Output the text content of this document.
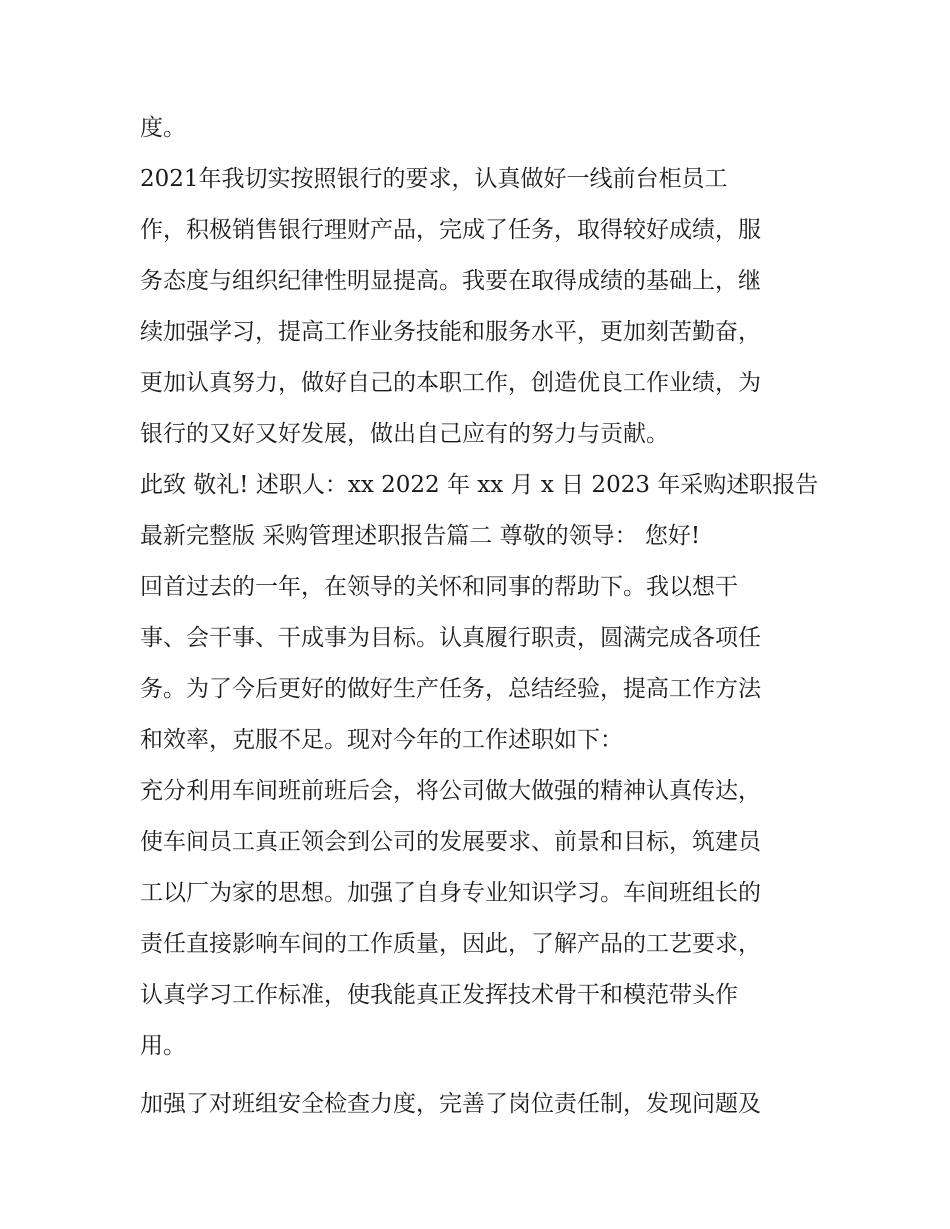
度。
2021年我切实按照银行的要求，认真做好一线前台柜员工
作，积极销售银行理财产品，完成了任务，取得较好成绩，服
务态度与组织纪律性明显提高。我要在取得成绩的基础上，继
续加强学习，提高工作业务技能和服务水平，更加刻苦勤奋，
更加认真努力，做好自己的本职工作，创造优良工作业绩，为
银行的又好又好发展，做出自己应有的努力与贡献。
此致 敬礼! 述职人：xx 2022 年 xx 月 x 日 2023 年采购述职报告
最新完整版 采购管理述职报告篇二 尊敬的领导： 您好!
回首过去的一年，在领导的关怀和同事的帮助下。我以想干
事、会干事、干成事为目标。认真履行职责，圆满完成各项任
务。为了今后更好的做好生产任务，总结经验，提高工作方法
和效率，克服不足。现对今年的工作述职如下：
充分利用车间班前班后会，将公司做大做强的精神认真传达，
使车间员工真正领会到公司的发展要求、前景和目标，筑建员
工以厂为家的思想。加强了自身专业知识学习。车间班组长的
责任直接影响车间的工作质量，因此，了解产品的工艺要求，
认真学习工作标准，使我能真正发挥技术骨干和模范带头作
用。
加强了对班组安全检查力度，完善了岗位责任制，发现问题及
